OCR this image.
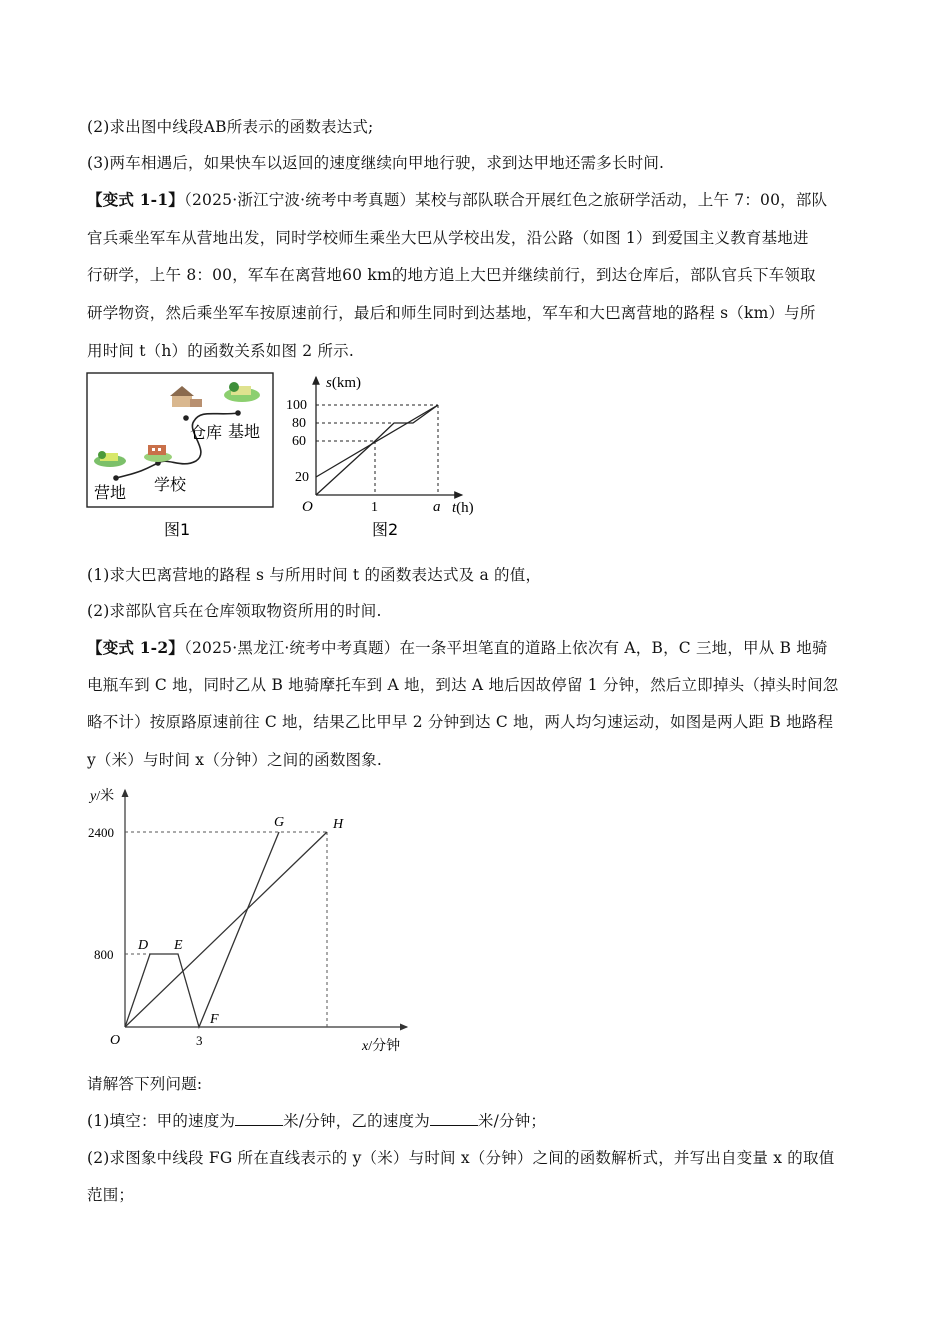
(2)求出图中线段AB所表示的函数表达式;
(3)两车相遇后，如果快车以返回的速度继续向甲地行驶，求到达甲地还需多长时间.
【变式 1-1】（2025·浙江宁波·统考中考真题）某校与部队联合开展红色之旅研学活动，上午 7：00，部队
官兵乘坐军车从营地出发，同时学校师生乘坐大巴从学校出发，沿公路（如图 1）到爱国主义教育基地进
行研学，上午 8：00，军车在离营地60 km的地方追上大巴并继续前行，到达仓库后，部队官兵下车领取
研学物资，然后乘坐军车按原速前行，最后和师生同时到达基地，军车和大巴离营地的路程 s（km）与所
用时间 t（h）的函数关系如图 2 所示.
营地 学校
仓库 基地
图1
s(km)
100
80
60
20
O	1	a t(h)
图2
(1)求大巴离营地的路程 s 与所用时间 t 的函数表达式及 a 的值，
(2)求部队官兵在仓库领取物资所用的时间.
【变式 1-2】（2025·黑龙江·统考中考真题）在一条平坦笔直的道路上依次有 A，B，C 三地，甲从 B 地骑
电瓶车到 C 地，同时乙从 B 地骑摩托车到 A 地，到达 A 地后因故停留 1 分钟，然后立即掉头（掉头时间忽
略不计）按原路原速前往 C 地，结果乙比甲早 2 分钟到达 C 地，两人均匀速运动，如图是两人距 B 地路程
y（米）与时间 x（分钟）之间的函数图象.
y/米
2400
800
O	3	x/分钟
D E
F
G	H
请解答下列问题:
(1)填空：甲的速度为	米/分钟，乙的速度为	米/分钟；
(2)求图象中线段 FG 所在直线表示的 y（米）与时间 x（分钟）之间的函数解析式，并写出自变量 x 的取值
范围；
